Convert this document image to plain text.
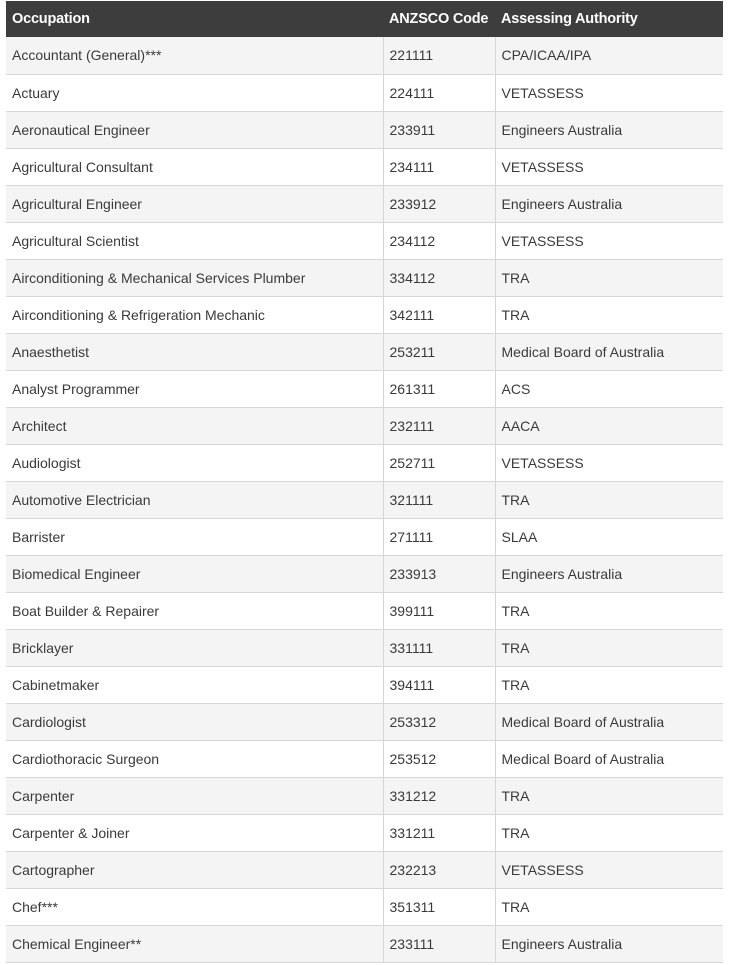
Occupation	ANZSCO Code	Assessing Authority
Accountant (General)***	221111	CPA/ICAA/IPA
Actuary	224111	VETASSESS
Aeronautical Engineer	233911	Engineers Australia
Agricultural Consultant	234111	VETASSESS
Agricultural Engineer	233912	Engineers Australia
Agricultural Scientist	234112	VETASSESS
Airconditioning & Mechanical Services Plumber	334112	TRA
Airconditioning & Refrigeration Mechanic	342111	TRA
Anaesthetist	253211	Medical Board of Australia
Analyst Programmer	261311	ACS
Architect	232111	AACA
Audiologist	252711	VETASSESS
Automotive Electrician	321111	TRA
Barrister	271111	SLAA
Biomedical Engineer	233913	Engineers Australia
Boat Builder & Repairer	399111	TRA
Bricklayer	331111	TRA
Cabinetmaker	394111	TRA
Cardiologist	253312	Medical Board of Australia
Cardiothoracic Surgeon	253512	Medical Board of Australia
Carpenter	331212	TRA
Carpenter & Joiner	331211	TRA
Cartographer	232213	VETASSESS
Chef***	351311	TRA
Chemical Engineer**	233111	Engineers Australia
